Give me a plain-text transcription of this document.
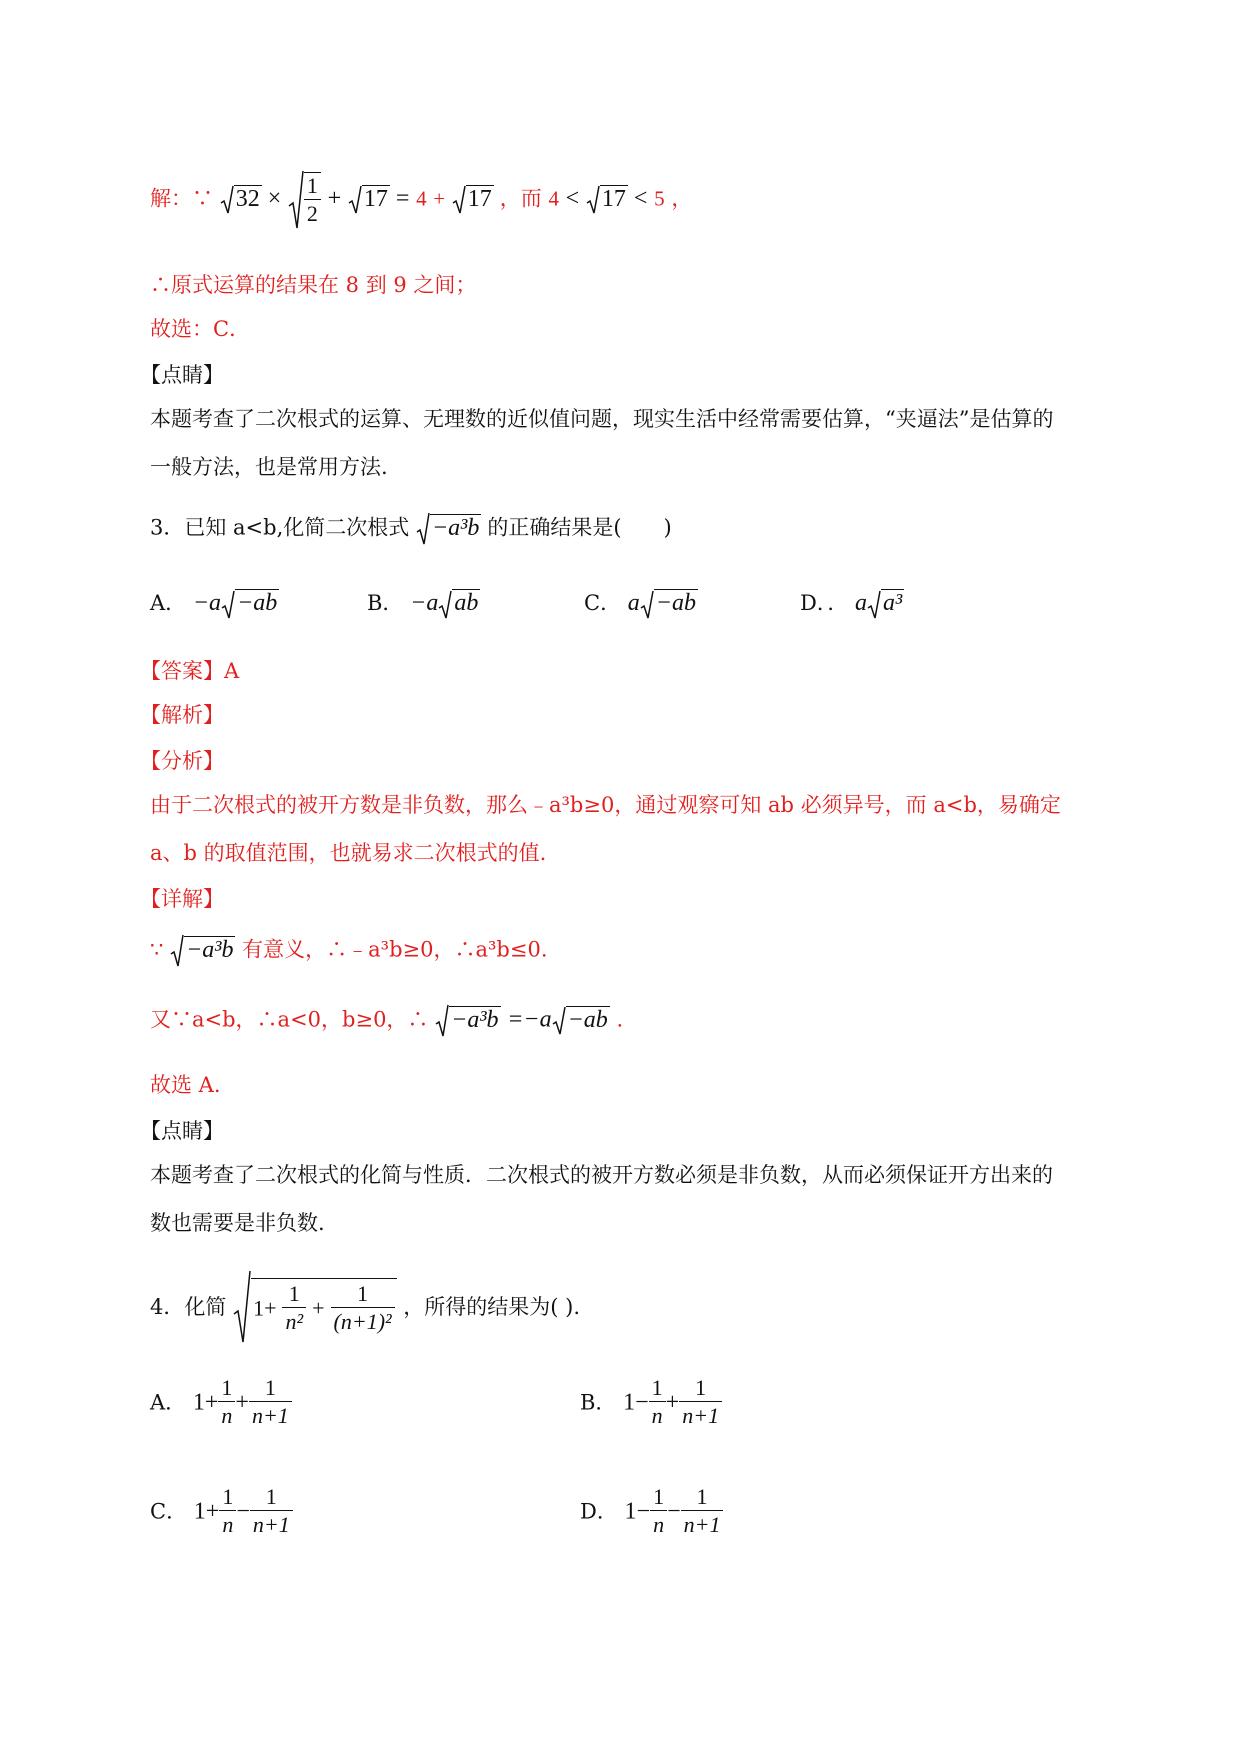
解：∵ $32 \times \frac{1}{2} + 17 = 4 + 17$ ，而 4 < 17 < 5 ，
∴原式运算的结果在 8 到 9 之间；
故选：C．
【点睛】
本题考查了二次根式的运算、无理数的近似值问题，现实生活中经常需要估算，“夹逼法”是估算的
一般方法，也是常用方法.
3．已知 a<b,化简二次根式 −a³b 的正确结果是(　　)
A． −a −ab	B． −a ab	C． a −ab	D．． a a³
【答案】A
【解析】
【分析】
由于二次根式的被开方数是非负数，那么﹣a³b≥0，通过观察可知 ab 必须异号，而 a<b，易确定
a、b 的取值范围，也就易求二次根式的值.
【详解】
∵ −a³b 有意义，∴﹣a³b≥0，∴a³b≤0.
又∵a<b，∴a<0，b≥0，∴ −a³b =−a −ab .
故选 A.
【点睛】
本题考查了二次根式的化简与性质．二次根式的被开方数必须是非负数，从而必须保证开方出来的
数也需要是非负数.
4．化简 $1+ \frac{1}{\text{n²}} + \frac{1}{\text{(n+1)²}}$ ，所得的结果为( ).
A． $1+ \frac{1}{n} + \frac{1}{n+1}$	B． $1- \frac{1}{n} + \frac{1}{n+1}$
C． $1+ \frac{1}{n} - \frac{1}{n+1}$	D． $1- \frac{1}{n} - \frac{1}{n+1}$
